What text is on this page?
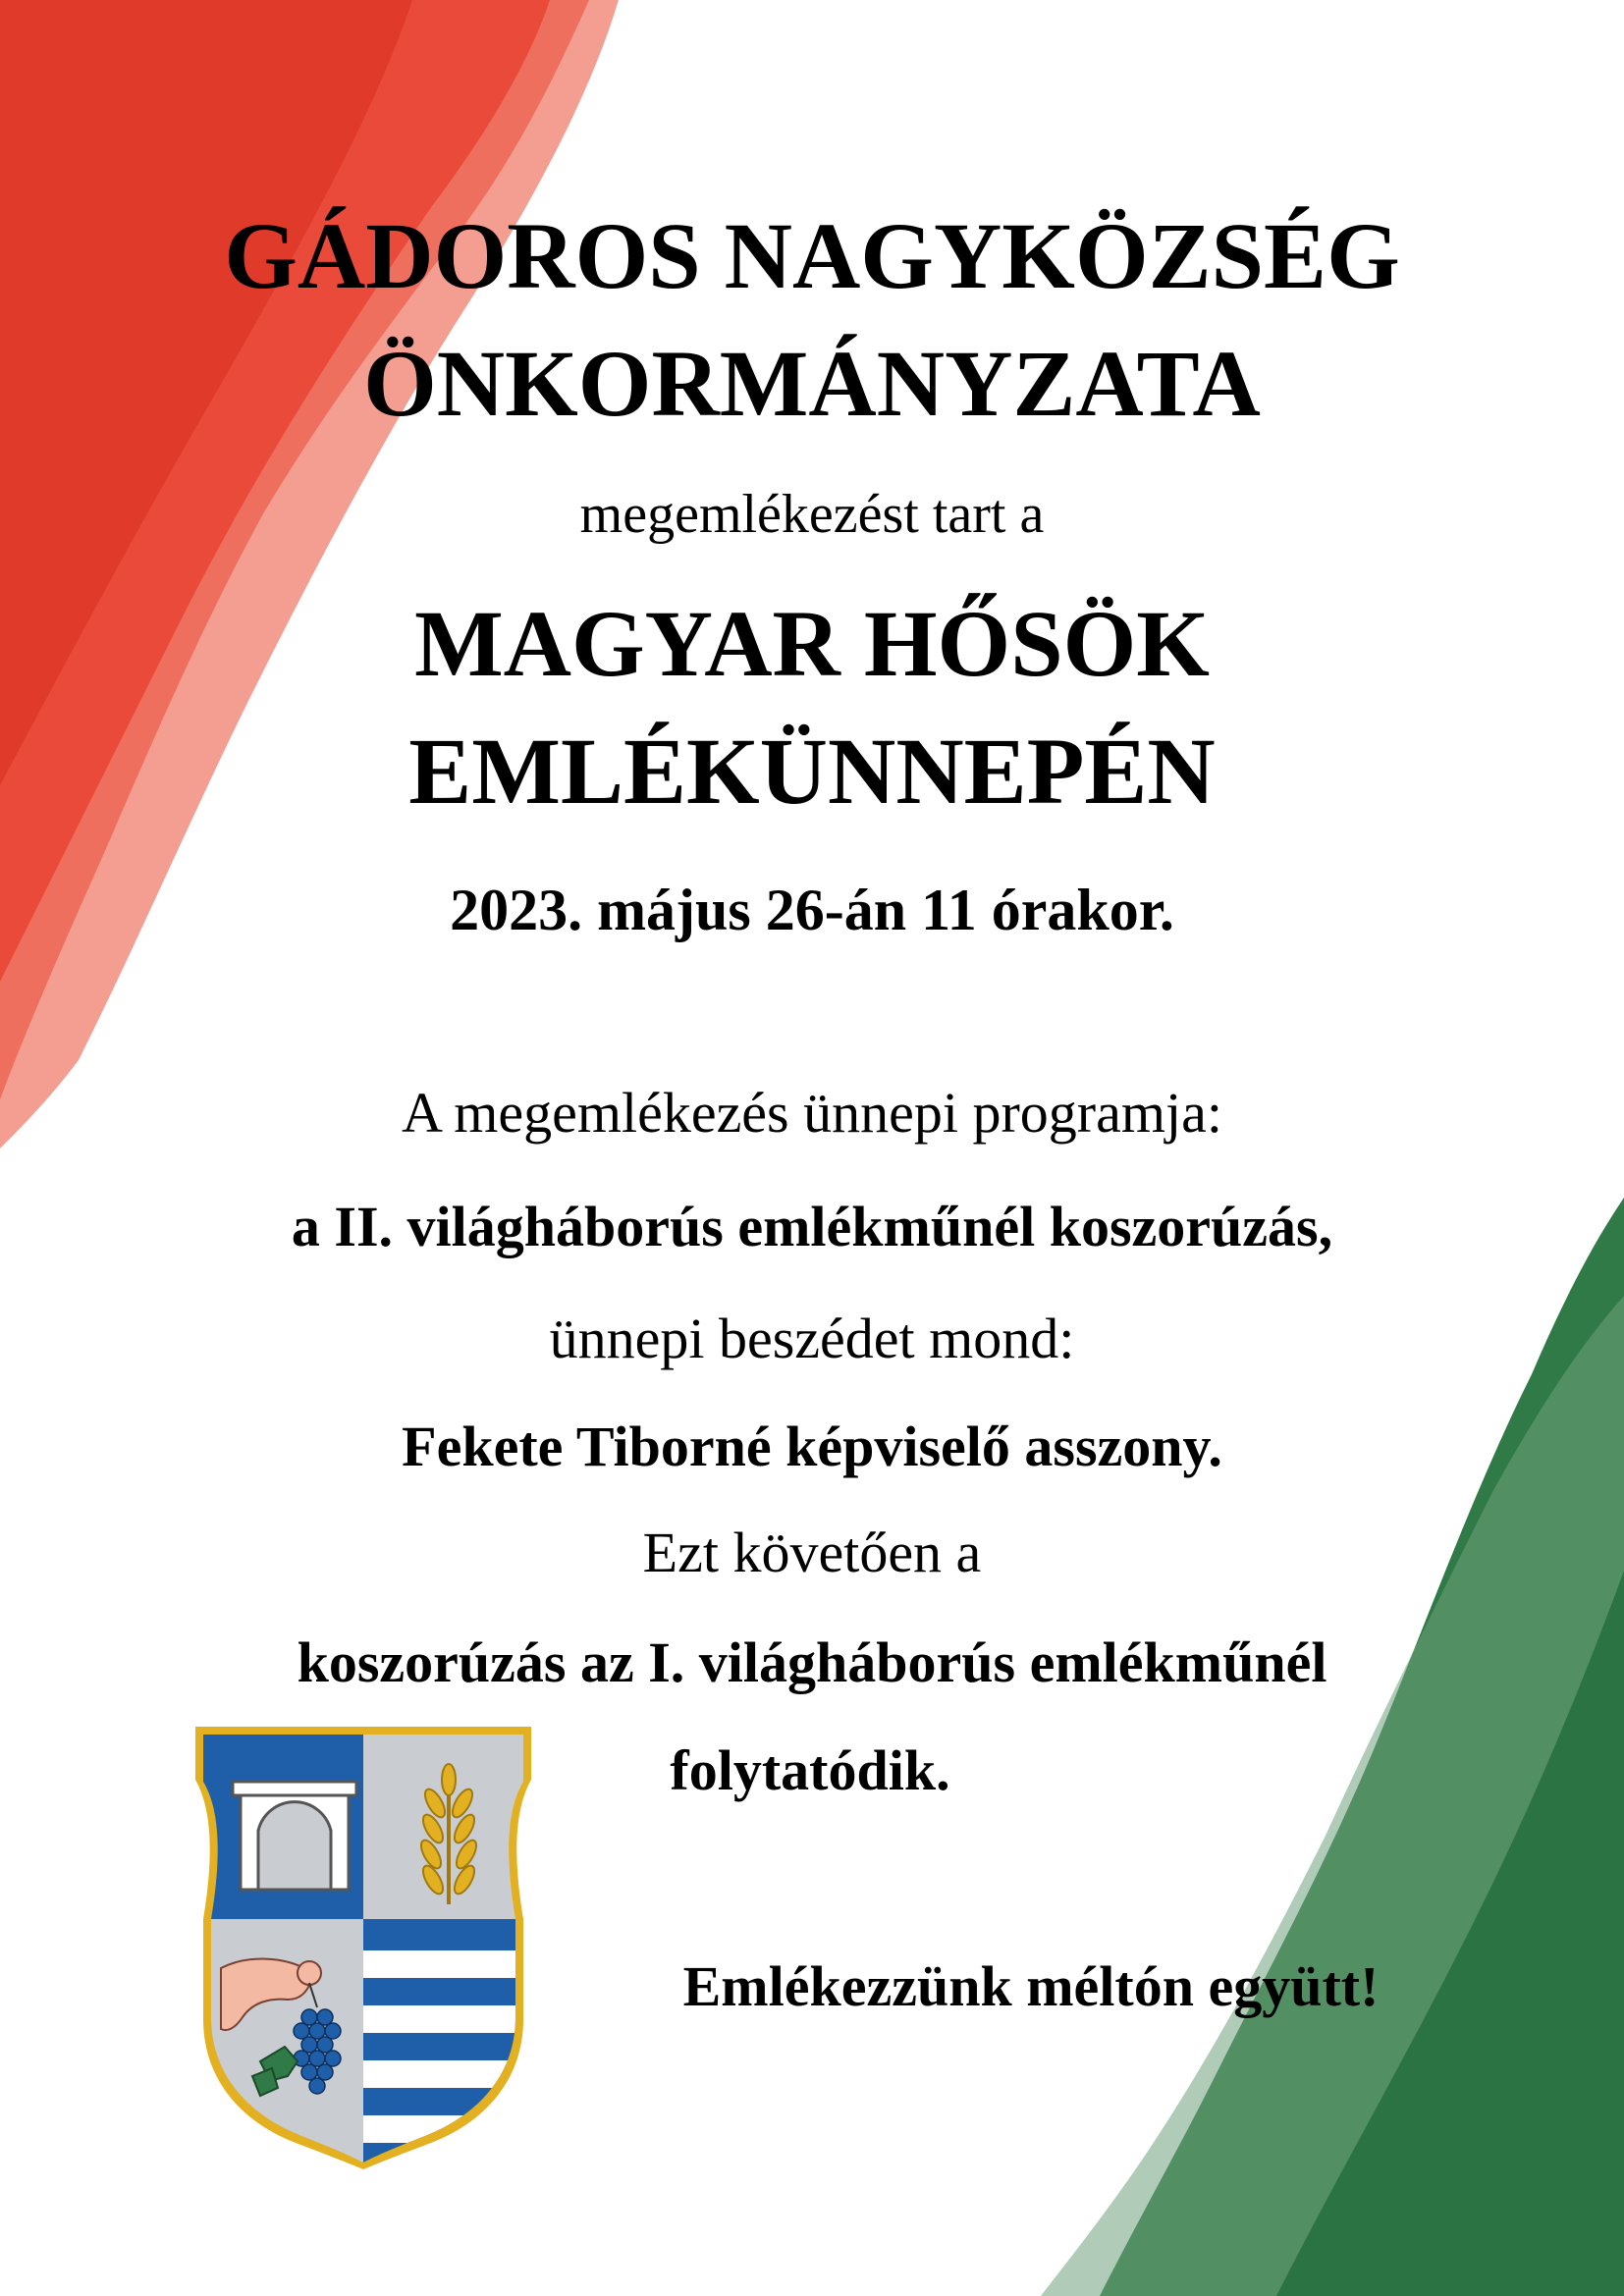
GÁDOROS NAGYKÖZSÉG
ÖNKORMÁNYZATA
megemlékezést tart a
MAGYAR HŐSÖK
EMLÉKÜNNEPÉN
2023. május 26-án 11 órakor.
A megemlékezés ünnepi programja:
a II. világháborús emlékműnél koszorúzás,
ünnepi beszédet mond:
Fekete Tiborné képviselő asszony.
Ezt követően a
koszorúzás az I. világháborús emlékműnél
folytatódik.
Emlékezzünk méltón együtt!
